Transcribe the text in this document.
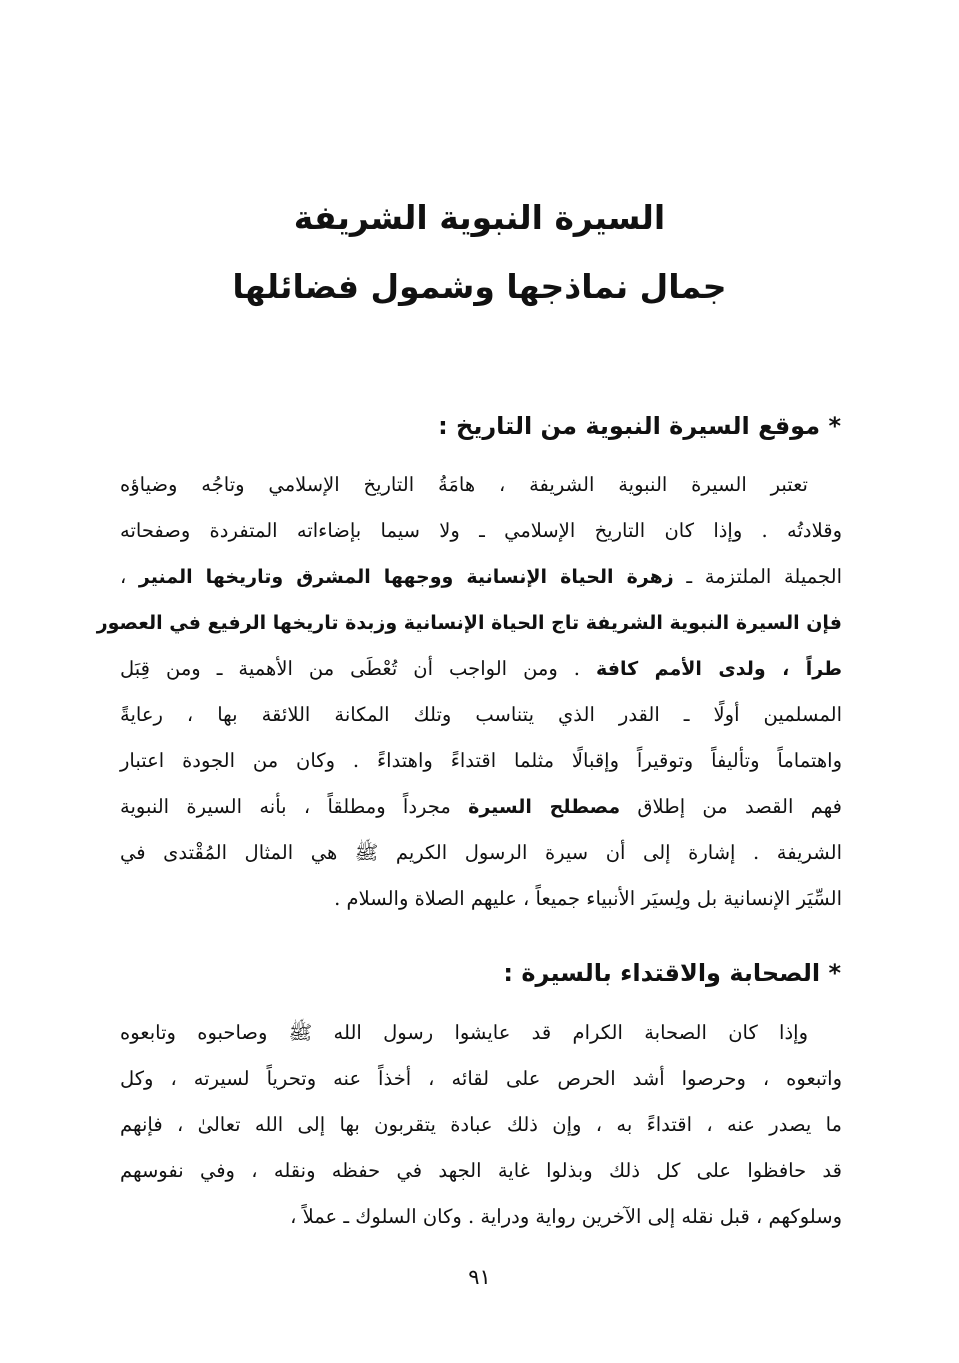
السيرة النبوية الشريفة
جمال نماذجها وشمول فضائلها
* موقع السيرة النبوية من التاريخ :
تعتبر السيرة النبوية الشريفة ، هامَةُ التاريخ الإسلامي وتاجُه وضياؤه
وقلادتُه . وإذا كان التاريخ الإسلامي ـ ولا سيما بإضاءاته المتفردة وصفحاته
الجميلة الملتزمة ـ زهرة الحياة الإنسانية ووجهها المشرق وتاريخها المنير ،
فإن السيرة النبوية الشريفة تاج الحياة الإنسانية وزبدة تاريخها الرفيع في العصور
طراً ، ولدى الأمم كافة . ومن الواجب أن تُعْطَى من الأهمية ـ ومن قِبَل
المسلمين أولًا ـ القدر الذي يتناسب وتلك المكانة اللائقة بها ، رعايةً
واهتماماً وتأليفاً وتوقيراً وإقبالًا مثلما اقتداءً واهتداءً . وكان من الجودة اعتبار
فهم القصد من إطلاق مصطلح السيرة مجرداً ومطلقاً ، بأنه السيرة النبوية
الشريفة . إشارة إلى أن سيرة الرسول الكريم ﷺ هي المثال المُقْتدى في
السِّيَر الإنسانية بل ولِسيَر الأنبياء جميعاً ، عليهم الصلاة والسلام .
* الصحابة والاقتداء بالسيرة :
وإذا كان الصحابة الكرام قد عايشوا رسول الله ﷺ وصاحبوه وتابعوه
واتبعوه ، وحرصوا أشد الحرص على لقائه ، أخذاً عنه وتحرياً لسيرته ، وكل
ما يصدر عنه ، اقتداءً به ، وإن ذلك عبادة يتقربون بها إلى الله تعالىٰ ، فإنهم
قد حافظوا على كل ذلك وبذلوا غاية الجهد في حفظه ونقله ، وفي نفوسهم
وسلوكهم ، قبل نقله إلى الآخرين رواية ودراية . وكان السلوك ـ عملاً ،
٩١
